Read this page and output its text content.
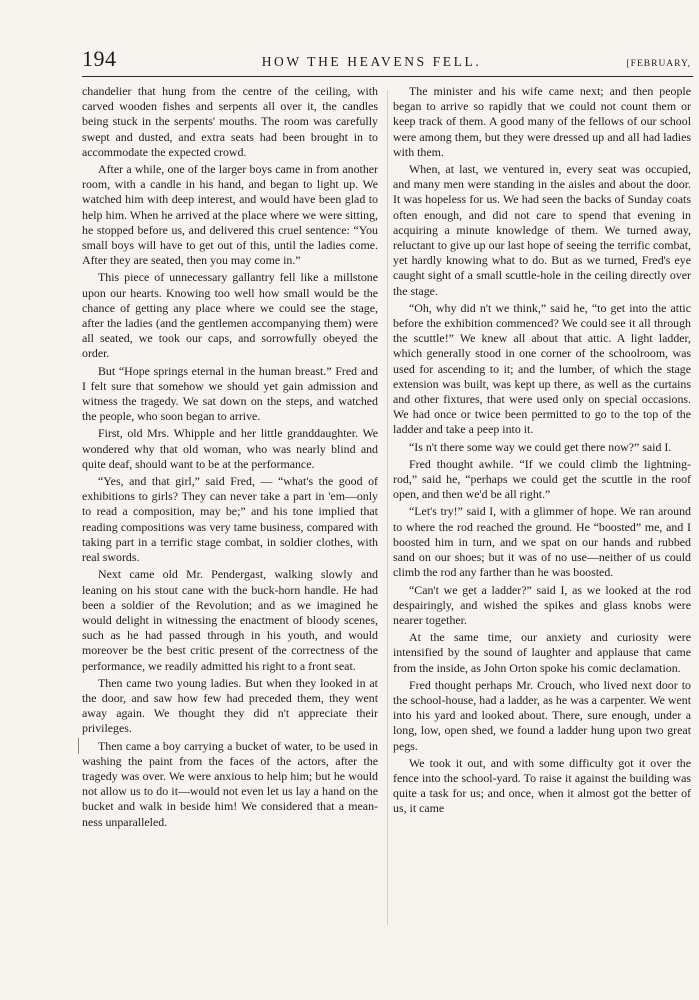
194	HOW THE HEAVENS FELL.	[FEBRUARY,

chandelier that hung from the centre of the ceiling, with carved wooden fishes and serpents all over it, the candles being stuck in the serpents' mouths. The room was carefully swept and dusted, and extra seats had been brought in to accommodate the expected crowd.

After a while, one of the larger boys came in from another room, with a candle in his hand, and began to light up. We watched him with deep interest, and would have been glad to help him. When he arrived at the place where we were sitting, he stopped before us, and delivered this cruel sentence: “You small boys will have to get out of this, until the ladies come. After they are seated, then you may come in.”

This piece of unnecessary gallantry fell like a millstone upon our hearts. Knowing too well how small would be the chance of getting any place where we could see the stage, after the ladies (and the gentlemen accompanying them) were all seated, we took our caps, and sorrowfully obeyed the order.

But “Hope springs eternal in the human breast.” Fred and I felt sure that somehow we should yet gain admission and witness the tragedy. We sat down on the steps, and watched the people, who soon began to arrive.

First, old Mrs. Whipple and her little granddaughter. We wondered why that old woman, who was nearly blind and quite deaf, should want to be at the performance.

“Yes, and that girl,” said Fred, — “what's the good of exhibitions to girls? They can never take a part in 'em—only to read a composition, may be;” and his tone implied that reading compositions was very tame business, compared with taking part in a terrific stage combat, in soldier clothes, with real swords.

Next came old Mr. Pendergast, walking slowly and leaning on his stout cane with the buck-horn handle. He had been a soldier of the Revolution; and as we imagined he would delight in witnessing the enactment of bloody scenes, such as he had passed through in his youth, and would moreover be the best critic present of the correctness of the performance, we readily admitted his right to a front seat.

Then came two young ladies. But when they looked in at the door, and saw how few had preceded them, they went away again. We thought they did n't appreciate their privileges.

Then came a boy carrying a bucket of water, to be used in washing the paint from the faces of the actors, after the tragedy was over. We were anxious to help him; but he would not allow us to do it—would not even let us lay a hand on the bucket and walk in beside him! We considered that a meanness unparalleled.

The minister and his wife came next; and then people began to arrive so rapidly that we could not count them or keep track of them. A good many of the fellows of our school were among them, but they were dressed up and all had ladies with them.

When, at last, we ventured in, every seat was occupied, and many men were standing in the aisles and about the door. It was hopeless for us. We had seen the backs of Sunday coats often enough, and did not care to spend that evening in acquiring a minute knowledge of them. We turned away, reluctant to give up our last hope of seeing the terrific combat, yet hardly knowing what to do. But as we turned, Fred's eye caught sight of a small scuttle-hole in the ceiling directly over the stage.

“Oh, why did n't we think,” said he, “to get into the attic before the exhibition commenced? We could see it all through the scuttle!” We knew all about that attic. A light ladder, which generally stood in one corner of the schoolroom, was used for ascending to it; and the lumber, of which the stage extension was built, was kept up there, as well as the curtains and other fixtures, that were used only on special occasions. We had once or twice been permitted to go to the top of the ladder and take a peep into it.

“Is n't there some way we could get there now?” said I.

Fred thought awhile. “If we could climb the lightning-rod,” said he, “perhaps we could get the scuttle in the roof open, and then we'd be all right.”

“Let's try!” said I, with a glimmer of hope. We ran around to where the rod reached the ground. He “boosted” me, and I boosted him in turn, and we spat on our hands and rubbed sand on our shoes; but it was of no use—neither of us could climb the rod any farther than he was boosted.

“Can't we get a ladder?” said I, as we looked at the rod despairingly, and wished the spikes and glass knobs were nearer together.

At the same time, our anxiety and curiosity were intensified by the sound of laughter and applause that came from the inside, as John Orton spoke his comic declamation.

Fred thought perhaps Mr. Crouch, who lived next door to the school-house, had a ladder, as he was a carpenter. We went into his yard and looked about. There, sure enough, under a long, low, open shed, we found a ladder hung upon two great pegs.

We took it out, and with some difficulty got it over the fence into the school-yard. To raise it against the building was quite a task for us; and once, when it almost got the better of us, it came
